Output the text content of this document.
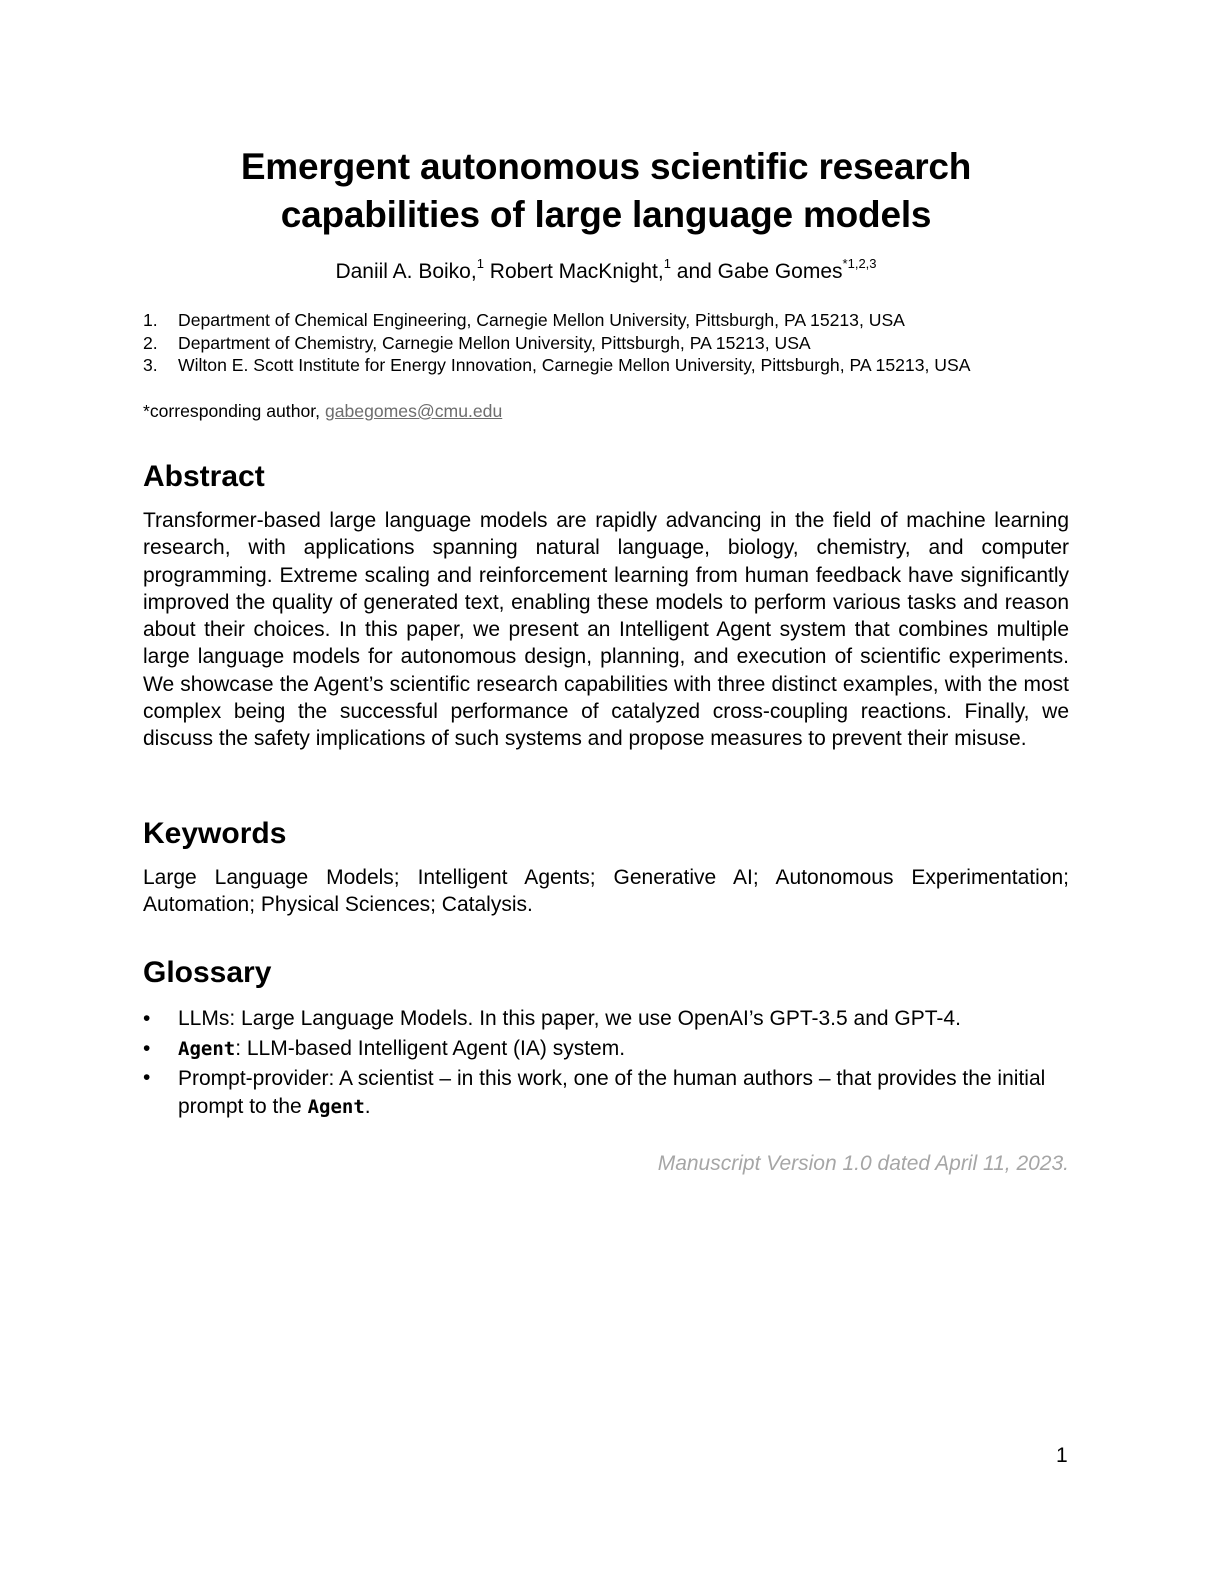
Emergent autonomous scientific research
capabilities of large language models
Daniil A. Boiko,$^1$ Robert MacKnight,$^1$ and Gabe Gomes$^{*1,2,3}$
1. Department of Chemical Engineering, Carnegie Mellon University, Pittsburgh, PA 15213, USA
2. Department of Chemistry, Carnegie Mellon University, Pittsburgh, PA 15213, USA
3. Wilton E. Scott Institute for Energy Innovation, Carnegie Mellon University, Pittsburgh, PA 15213, USA
*corresponding author, gabegomes@cmu.edu
Abstract

Transformer-based large language models are rapidly advancing in the field of machine learning research, with applications spanning natural language, biology, chemistry, and computer programming. Extreme scaling and reinforcement learning from human feedback have significantly improved the quality of generated text, enabling these models to perform various tasks and reason about their choices. In this paper, we present an Intelligent Agent system that combines multiple large language models for autonomous design, planning, and execution of scientific experiments. We showcase the Agent’s scientific research capabilities with three distinct examples, with the most complex being the successful performance of catalyzed cross-coupling reactions. Finally, we discuss the safety implications of such systems and propose measures to prevent their misuse.

Keywords

Large Language Models; Intelligent Agents; Generative AI; Autonomous Experimentation; Automation; Physical Sciences; Catalysis.

Glossary
• LLMs: Large Language Models. In this paper, we use OpenAI’s GPT-3.5 and GPT-4.
• Agent: LLM-based Intelligent Agent (IA) system.
• Prompt-provider: A scientist – in this work, one of the human authors – that provides the initial prompt to the Agent.
Manuscript Version 1.0 dated April 11, 2023.
1
